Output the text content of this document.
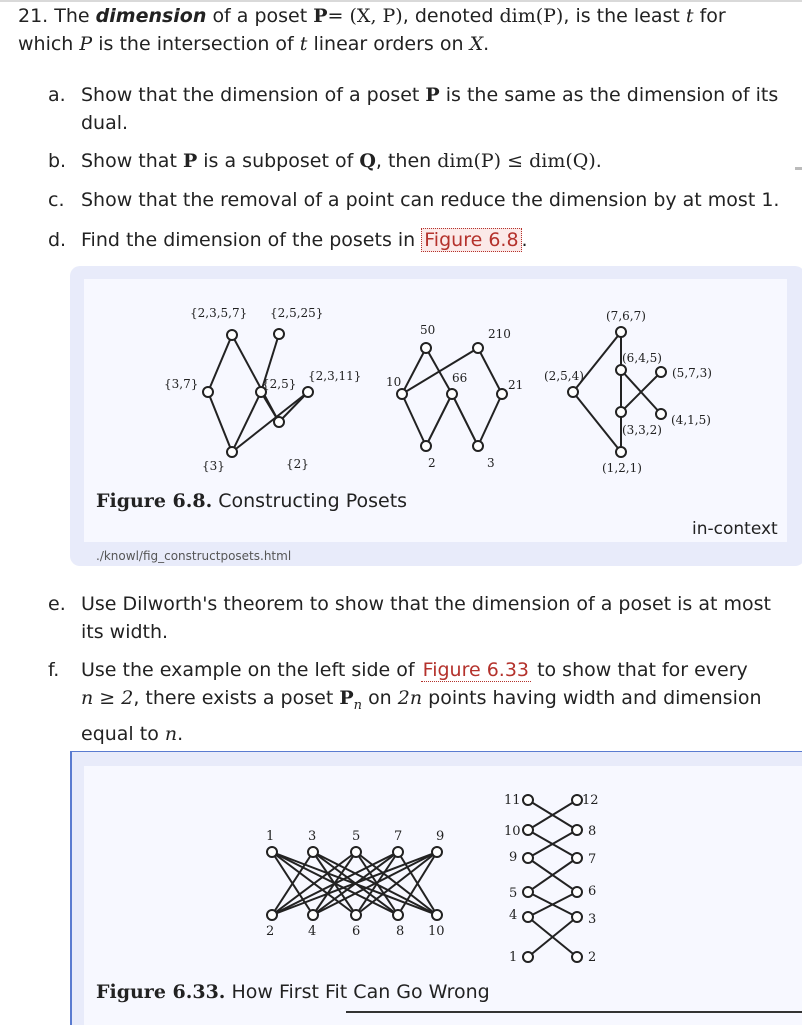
21. The dimension of a poset P= (X, P), denoted dim(P), is the least t for
which P is the intersection of t linear orders on X.
a. Show that the dimension of a poset P is the same as the dimension of its dual.
b. Show that P is a subposet of Q, then dim(P) ≤ dim(Q).
c. Show that the removal of a point can reduce the dimension by at most 1.
d. Find the dimension of the posets in Figure 6.8 .
{2,3,5,7} {2,5,25}
{3,7}	{2,5}
{2,3,11}
{3}	{2}
50	210
10	66	21
2	3
(7,6,7)
(6,4,5)
(2,5,4)	(5,7,3)
(4,1,5)
(3,3,2)
(1,2,1)
Figure 6.8. Constructing Posets
in-context
./knowl/fig_constructposets.html
e. Use Dilworth's theorem to show that the dimension of a poset is at most its width.
f. Use the example on the left side of Figure 6.33 to show that for every
n ≥ 2, there exists a poset $P_n$ on 2n points having width and dimension equal to n.
1	3	5	7	9
2	4	6	8 10
11
10
9
5
4
1
12
8
7
6
3
2
Figure 6.33. How First Fit Can Go Wrong
